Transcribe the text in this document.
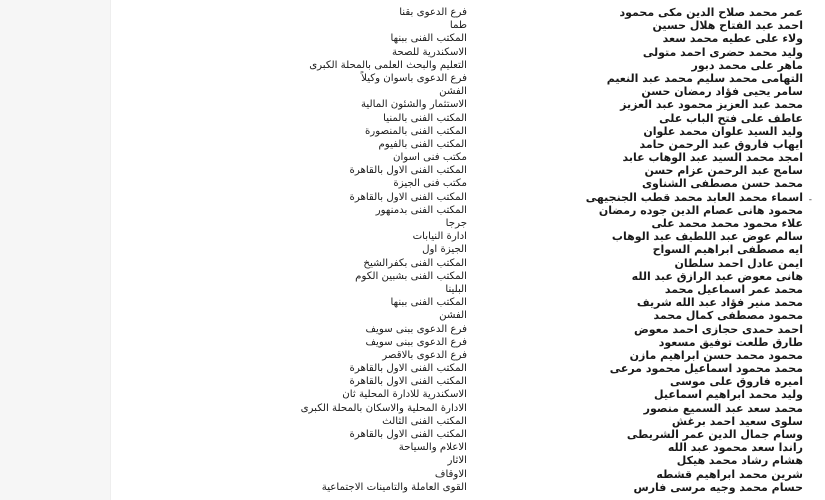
فرع الدعوى بقنا
طما
المكتب الفنى ببنها
الاسكندرية للصحة
التعليم والبحث العلمى بالمحلة الكبرى
فرع الدعوى باسوان وكيلاً
الفشن
الاستثمار والشئون المالية
المكتب الفنى بالمنيا
المكتب الفنى بالمنصورة
المكتب الفنى بالفيوم
مكتب فنى اسوان
المكتب الفنى الاول بالقاهرة
مكتب فنى الجيزة
المكتب الفنى الاول بالقاهرة
المكتب الفنى بدمنهور
جرجا
ادارة النيابات
الجيزة اول
المكتب الفنى بكفرالشيخ
المكتب الفنى بشبين الكوم
البلينا
المكتب الفنى ببنها
الفشن
فرع الدعوى ببنى سويف
فرع الدعوى ببنى سويف
فرع الدعوى بالاقصر
المكتب الفنى الاول بالقاهرة
المكتب الفنى الاول بالقاهرة
الاسكندرية للادارة المحلية ثان
الادارة المحلية والاسكان بالمحلة الكبرى
المكتب الفنى الثالث
المكتب الفنى الاول بالقاهرة
الاعلام والسياحة
الاثار
الاوقاف
القوى العاملة والتامينات الاجتماعية
عمر محمد صلاح الدين مكى محمود
احمد عبد الفتاح هلال حسين
ولاء على عطيه محمد سعد
وليد محمد حضرى احمد متولى
ماهر على محمد دبور
التهامى محمد سليم محمد عبد النعيم
سامر يحيى فؤاد رمضان حسن
محمد عبد العزيز محمود عبد العزيز
عاطف على فتح الباب على
وليد السيد علوان محمد علوان
ايهاب فاروق عبد الرحمن حامد
امجد محمد السيد عبد الوهاب عابد
سامح عبد الرحمن عزام حسن
محمد حسن مصطفى الشناوى
اسماء محمد العابد محمد قطب الجنجيهى
محمود هانى عصام الدين جوده رمضان
علاء محمود محمد محمد على
سالم عوض عبد اللطيف عبد الوهاب
ايه مصطفى ابراهيم السواح
ايمن عادل احمد سلطان
هانى معوض عبد الرازق عبد الله
محمد عمر اسماعيل محمد
محمد منير فؤاد عبد الله شريف
محمود مصطفى كمال محمد
احمد حمدى حجازى احمد معوض
طارق طلعت توفيق مسعود
محمود محمد حسن ابراهيم مازن
محمد محمود اسماعيل محمود مرعى
اميره فاروق على موسى
وليد محمد ابراهيم اسماعيل
محمد سعد عبد السميع منصور
سلوى سعيد احمد برغش
وسام جمال الدين عمر الشريطى
راندا سعد محمود عبد الله
هشام رشاد محمد هيكل
شرين محمد ابراهيم قشطه
حسام محمد وجيه مرسى فارس
-
